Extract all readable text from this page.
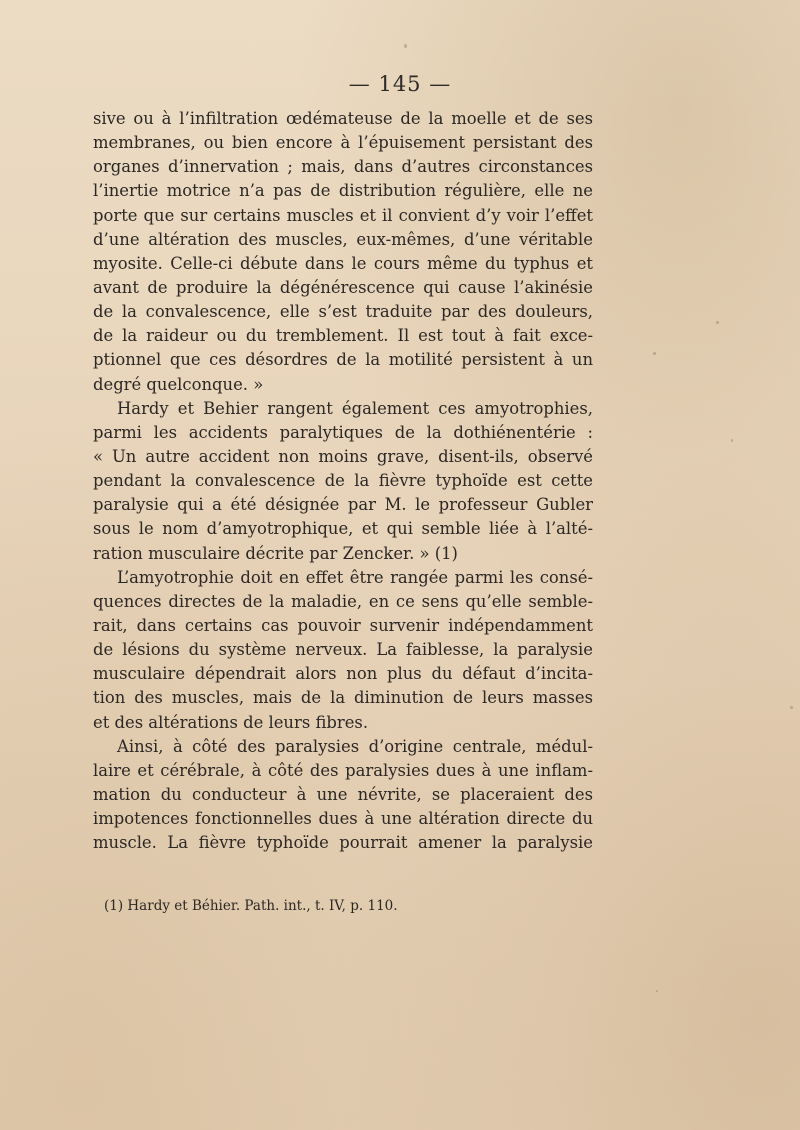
— 145 —
sive ou à l’infiltration œdémateuse de la moelle et de ses
membranes, ou bien encore à l’épuisement persistant des
organes d’innervation ; mais, dans d’autres circonstances
l’inertie motrice n’a pas de distribution régulière, elle ne
porte que sur certains muscles et il convient d’y voir l’effet
d’une altération des muscles, eux-mêmes, d’une véritable
myosite. Celle-ci débute dans le cours même du typhus et
avant de produire la dégénérescence qui cause l’akinésie
de la convalescence, elle s’est traduite par des douleurs,
de la raideur ou du tremblement. Il est tout à fait exce-
ptionnel que ces désordres de la motilité persistent à un
degré quelconque. »
Hardy et Behier rangent également ces amyotrophies,
parmi les accidents paralytiques de la dothiénentérie :
« Un autre accident non moins grave, disent-ils, observé
pendant la convalescence de la fièvre typhoïde est cette
paralysie qui a été désignée par M. le professeur Gubler
sous le nom d’amyotrophique, et qui semble liée à l’alté-
ration musculaire décrite par Zencker. » (1)
L’amyotrophie doit en effet être rangée parmi les consé-
quences directes de la maladie, en ce sens qu’elle semble-
rait, dans certains cas pouvoir survenir indépendamment
de lésions du système nerveux. La faiblesse, la paralysie
musculaire dépendrait alors non plus du défaut d’incita-
tion des muscles, mais de la diminution de leurs masses
et des altérations de leurs fibres.
Ainsi, à côté des paralysies d’origine centrale, médul-
laire et cérébrale, à côté des paralysies dues à une inflam-
mation du conducteur à une névrite, se placeraient des
impotences fonctionnelles dues à une altération directe du
muscle. La fièvre typhoïde pourrait amener la paralysie
(1) Hardy et Béhier. Path. int., t. IV, p. 110.
